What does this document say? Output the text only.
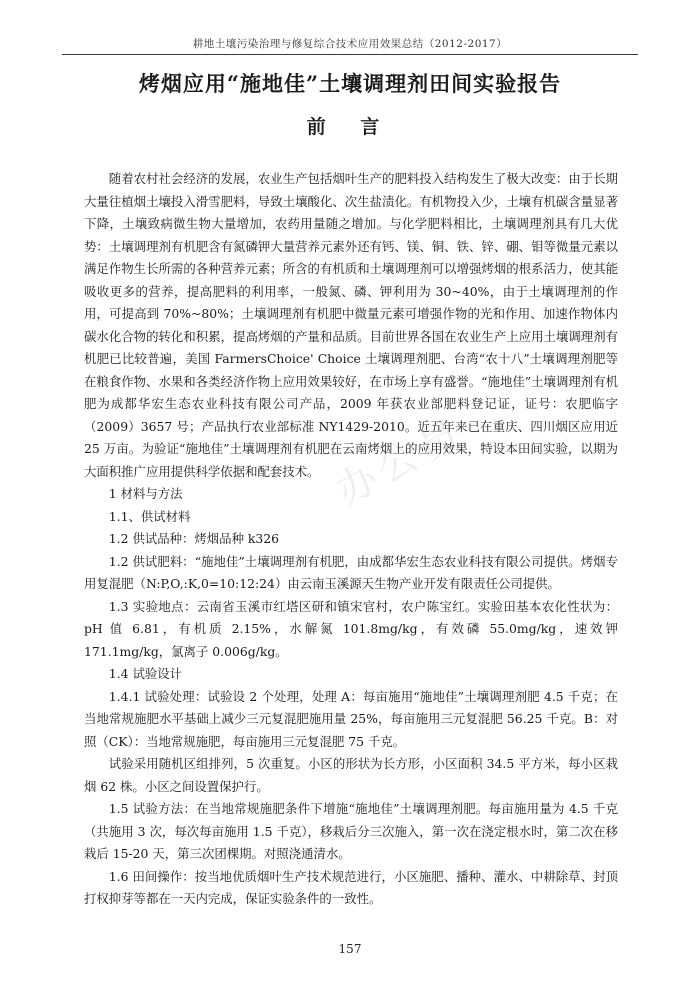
办公员
耕地土壤污染治理与修复综合技术应用效果总结（2012-2017）
烤烟应用“施地佳”土壤调理剂田间实验报告
前 言

随着农村社会经济的发展，农业生产包括烟叶生产的肥料投入结构发生了极大改变：由于长期大量往植烟土壤投入滑雪肥料，导致土壤酸化、次生盐渍化。有机物投入少，土壤有机碳含量显著下降，土壤致病微生物大量增加，农药用量随之增加。与化学肥料相比，土壤调理剂具有几大优势：土壤调理剂有机肥含有氮磷钾大量营养元素外还有钙、镁、铜、铁、锌、硼、钼等微量元素以满足作物生长所需的各种营养元素；所含的有机质和土壤调理剂可以增强烤烟的根系活力，使其能吸收更多的营养，提高肥料的利用率，一般氮、磷、钾利用为 30~40%，由于土壤调理剂的作用，可提高到 70%~80%；土壤调理剂有机肥中微量元素可增强作物的光和作用、加速作物体内碳水化合物的转化和积累，提高烤烟的产量和品质。目前世界各国在农业生产上应用土壤调理剂有机肥已比较普遍，美国 FarmersChoice' Choice 土壤调理剂肥、台湾“农十八”土壤调理剂肥等在粮食作物、水果和各类经济作物上应用效果较好，在市场上享有盛誉。“施地佳”土壤调理剂有机肥为成都华宏生态农业科技有限公司产品，2009 年获农业部肥料登记证，证号：农肥临字（2009）3657 号；产品执行农业部标准 NY1429-2010。近五年来已在重庆、四川烟区应用近 25 万亩。为验证“施地佳”土壤调理剂有机肥在云南烤烟上的应用效果，特设本田间实验，以期为大面积推广应用提供科学依据和配套技术。

1 材料与方法

1.1、供试材料

1.2 供试品种：烤烟品种 k326

1.2 供试肥料：“施地佳”土壤调理剂有机肥，由成都华宏生态农业科技有限公司提供。烤烟专用复混肥（N:P,O,:K,0=10:12:24）由云南玉溪源天生物产业开发有限责任公司提供。

1.3 实验地点：云南省玉溪市红塔区研和镇宋官村，农户陈宝红。实验田基本农化性状为：pH 值 6.81，有机质 2.15%，水解氮 101.8mg/kg，有效磷 55.0mg/kg，速效钾 171.1mg/kg，氯离子 0.006g/kg。

1.4 试验设计

1.4.1 试验处理：试验设 2 个处理，处理 A：每亩施用“施地佳”土壤调理剂肥 4.5 千克；在当地常规施肥水平基础上减少三元复混肥施用量 25%，每亩施用三元复混肥 56.25 千克。B：对照（CK）：当地常规施肥，每亩施用三元复混肥 75 千克。

试验采用随机区组排列，5 次重复。小区的形状为长方形，小区面积 34.5 平方米，每小区栽烟 62 株。小区之间设置保护行。

1.5 试验方法：在当地常规施肥条件下增施“施地佳”土壤调理剂肥。每亩施用量为 4.5 千克（共施用 3 次，每次每亩施用 1.5 千克），移栽后分三次施入，第一次在浇定根水时，第二次在移栽后 15-20 天，第三次团棵期。对照浇通清水。

1.6 田间操作：按当地优质烟叶生产技术规范进行，小区施肥、播种、灌水、中耕除草、封顶打权抑芽等都在一天内完成，保证实验条件的一致性。

157
